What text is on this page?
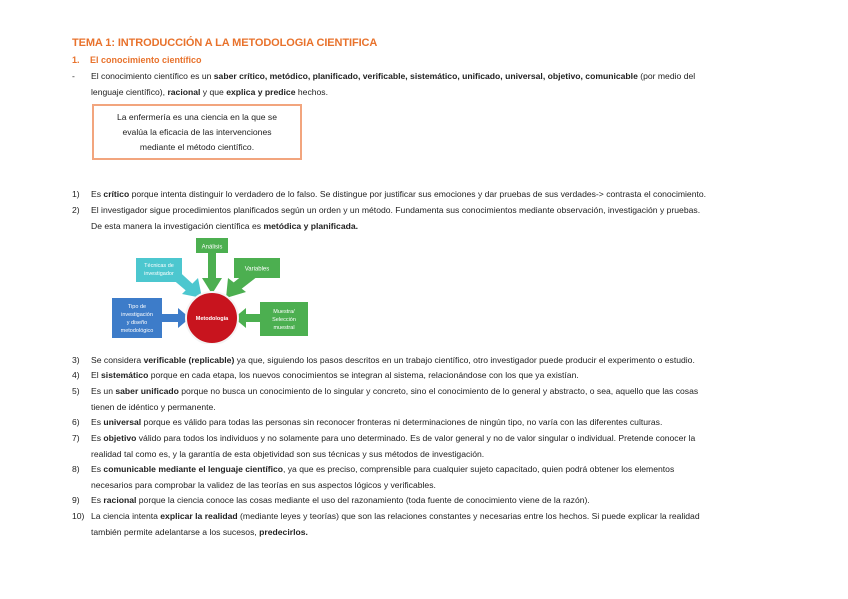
TEMA 1: INTRODUCCIÓN A LA METODOLOGIA CIENTIFICA
1. El conocimiento científico
-	El conocimiento científico es un saber crítico, metódico, planificado, verificable, sistemático, unificado, universal, objetivo, comunicable (por medio del
lenguaje científico), racional y que explica y predice hechos.
La enfermería es una ciencia en la que se
evalúa la eficacia de las intervenciones
mediante el método científico.
1)	Es crítico porque intenta distinguir lo verdadero de lo falso. Se distingue por justificar sus emociones y dar pruebas de sus verdades-> contrasta el conocimiento.
2)	El investigador sigue procedimientos planificados según un orden y un método. Fundamenta sus conocimientos mediante observación, investigación y pruebas.
De esta manera la investigación científica es metódica y planificada.
Análisis
Técnicas de
investigador
Variables
Tipo de
investigación
y diseño
metodológico
Muestra/
Selección
muestral
Metodología
3)	Se considera verificable (replicable) ya que, siguiendo los pasos descritos en un trabajo científico, otro investigador puede producir el experimento o estudio.
4)	El sistemático porque en cada etapa, los nuevos conocimientos se integran al sistema, relacionándose con los que ya existían.
5)	Es un saber unificado porque no busca un conocimiento de lo singular y concreto, sino el conocimiento de lo general y abstracto, o sea, aquello que las cosas
tienen de idéntico y permanente.
6)	Es universal porque es válido para todas las personas sin reconocer fronteras ni determinaciones de ningún tipo, no varía con las diferentes culturas.
7)	Es objetivo válido para todos los individuos y no solamente para uno determinado. Es de valor general y no de valor singular o individual. Pretende conocer la
realidad tal como es, y la garantía de esta objetividad son sus técnicas y sus métodos de investigación.
8)	Es comunicable mediante el lenguaje científico, ya que es preciso, comprensible para cualquier sujeto capacitado, quien podrá obtener los elementos
necesarios para comprobar la validez de las teorías en sus aspectos lógicos y verificables.
9)	Es racional porque la ciencia conoce las cosas mediante el uso del razonamiento (toda fuente de conocimiento viene de la razón).
10) La ciencia intenta explicar la realidad (mediante leyes y teorías) que son las relaciones constantes y necesarias entre los hechos. Si puede explicar la realidad
también permite adelantarse a los sucesos, predecirlos.
